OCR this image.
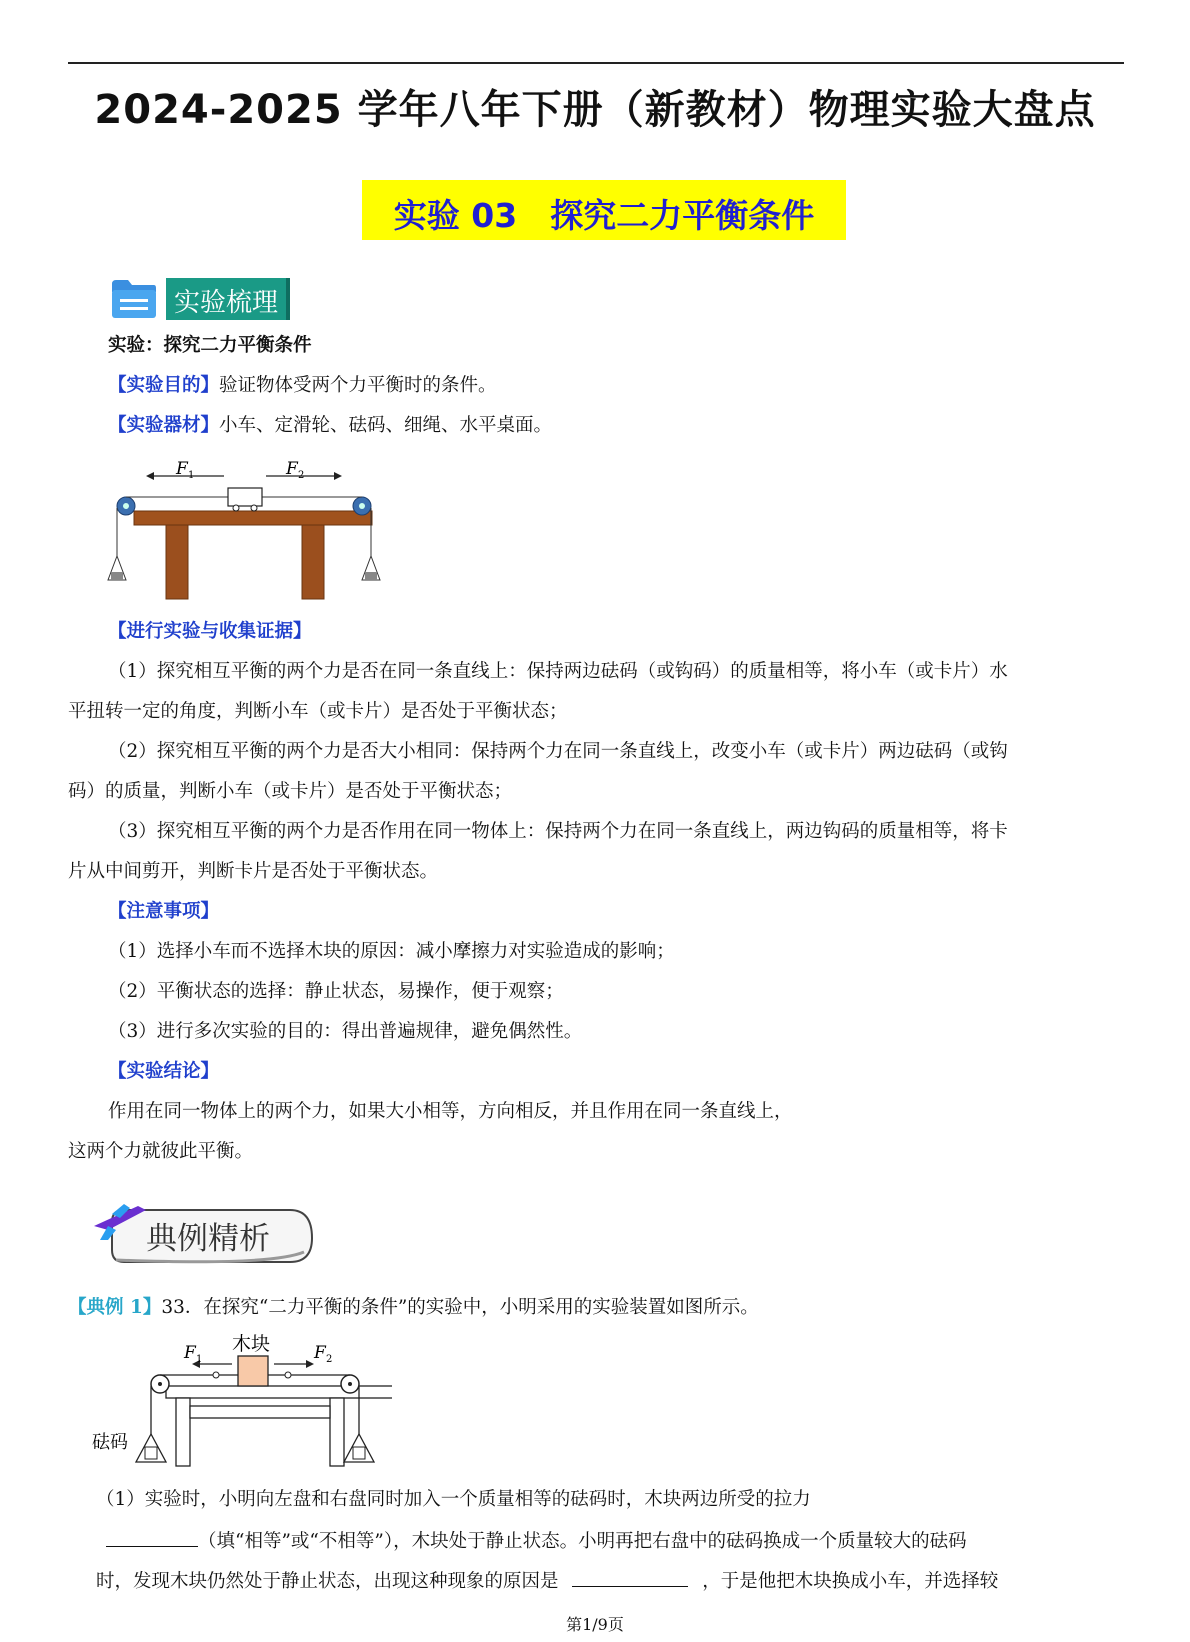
2024-2025 学年八年下册（新教材）物理实验大盘点
实验 03　探究二力平衡条件
实验梳理
实验：探究二力平衡条件
【实验目的】验证物体受两个力平衡时的条件。
【实验器材】小车、定滑轮、砝码、细绳、水平桌面。
F 1	F 2
【进行实验与收集证据】
（1）探究相互平衡的两个力是否在同一条直线上：保持两边砝码（或钩码）的质量相等，将小车（或卡片）水
平扭转一定的角度，判断小车（或卡片）是否处于平衡状态；
（2）探究相互平衡的两个力是否大小相同：保持两个力在同一条直线上，改变小车（或卡片）两边砝码（或钩
码）的质量，判断小车（或卡片）是否处于平衡状态；
（3）探究相互平衡的两个力是否作用在同一物体上：保持两个力在同一条直线上，两边钩码的质量相等，将卡
片从中间剪开，判断卡片是否处于平衡状态。
【注意事项】
（1）选择小车而不选择木块的原因：减小摩擦力对实验造成的影响；
（2）平衡状态的选择：静止状态，易操作，便于观察；
（3）进行多次实验的目的：得出普遍规律，避免偶然性。
【实验结论】
作用在同一物体上的两个力，如果大小相等，方向相反，并且作用在同一条直线上，
这两个力就彼此平衡。
典例精析
【典例 1】33．在探究“二力平衡的条件”的实验中，小明采用的实验装置如图所示。
木块
砝码
F 1	F 2
（1）实验时，小明向左盘和右盘同时加入一个质量相等的砝码时，木块两边所受的拉力
（填“相等”或“不相等”），木块处于静止状态。小明再把右盘中的砝码换成一个质量较大的砝码
时，发现木块仍然处于静止状态，出现这种现象的原因是	，于是他把木块换成小车，并选择较
第1/9页
